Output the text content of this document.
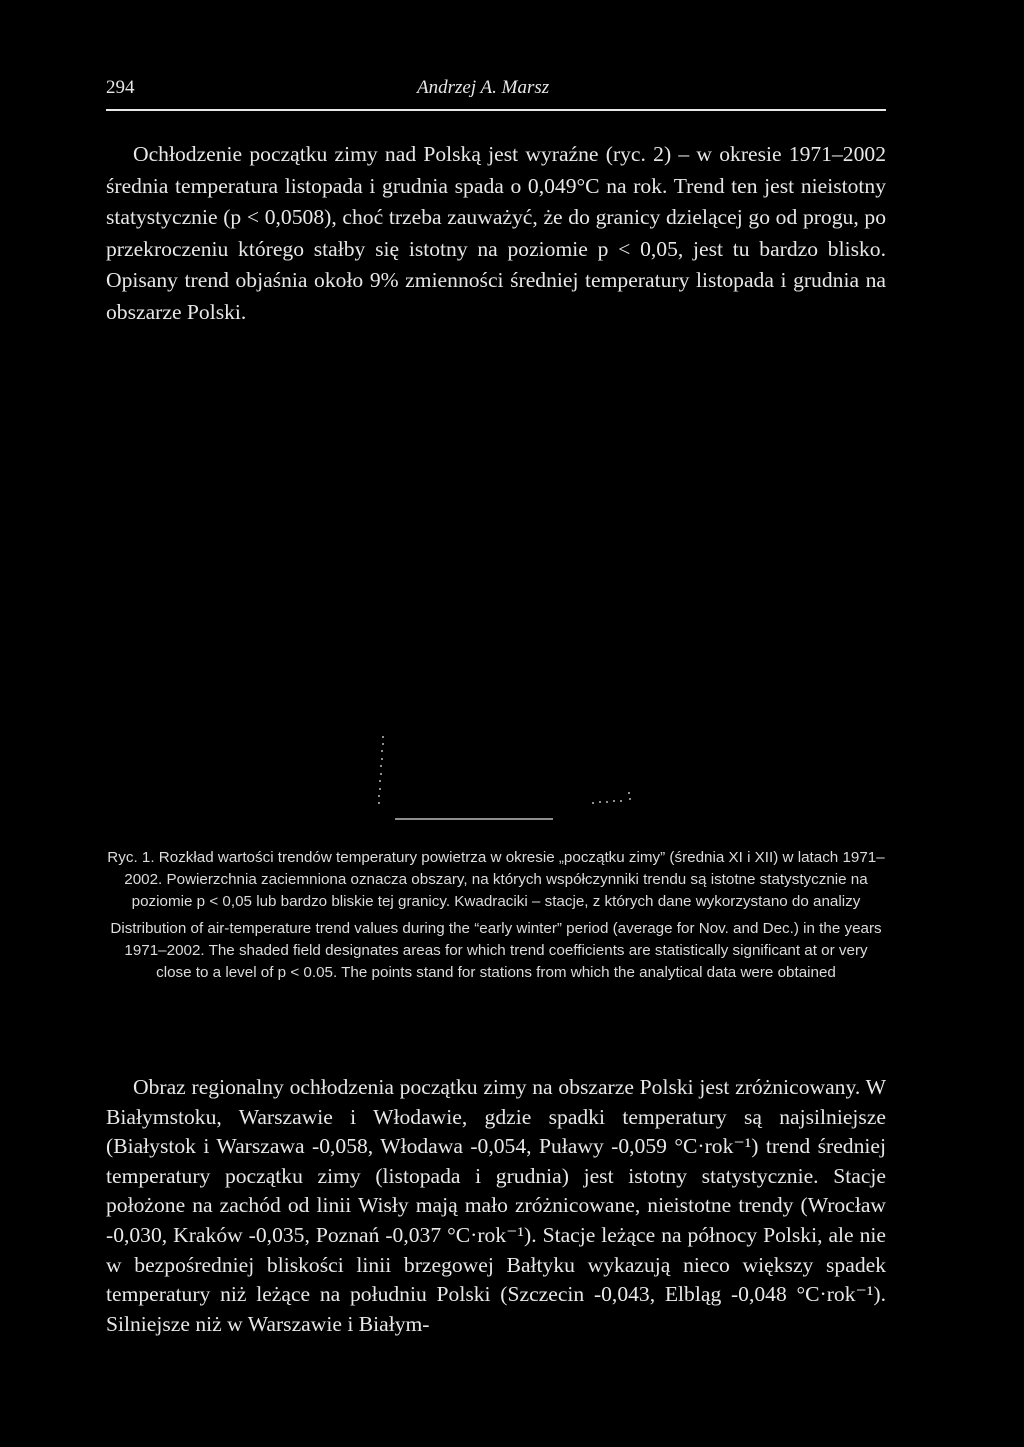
294	Andrzej A. Marsz

Ochłodzenie początku zimy nad Polską jest wyraźne (ryc. 2) – w okresie 1971–2002 średnia temperatura listopada i grudnia spada o 0,049°C na rok. Trend ten jest nieistotny statystycznie (p < 0,0508), choć trzeba zauważyć, że do granicy dzielącej go od progu, po przekroczeniu którego stałby się istotny na poziomie p < 0,05, jest tu bardzo blisko. Opisany trend objaśnia około 9% zmienności średniej temperatury listopada i grudnia na obszarze Polski.

Ryc. 1. Rozkład wartości trendów temperatury powietrza w okresie „początku zimy” (średnia XI i XII) w latach 1971–2002. Powierzchnia zaciemniona oznacza obszary, na których współczynniki trendu są istotne statystycznie na poziomie p < 0,05 lub bardzo bliskie tej granicy. Kwadraciki – stacje, z których dane wykorzystano do analizy

Distribution of air-temperature trend values during the “early winter” period (average for Nov. and Dec.) in the years 1971–2002. The shaded field designates areas for which trend coefficients are statistically significant at or very close to a level of p < 0.05. The points stand for stations from which the analytical data were obtained

Obraz regionalny ochłodzenia początku zimy na obszarze Polski jest zróżnicowany. W Białymstoku, Warszawie i Włodawie, gdzie spadki temperatury są najsilniejsze (Białystok i Warszawa -0,058, Włodawa -0,054, Puławy -0,059 °C·rok⁻¹) trend średniej temperatury początku zimy (listopada i grudnia) jest istotny statystycznie. Stacje położone na zachód od linii Wisły mają mało zróżnicowane, nieistotne trendy (Wrocław -0,030, Kraków -0,035, Poznań -0,037 °C·rok⁻¹). Stacje leżące na północy Polski, ale nie w bezpośredniej bliskości linii brzegowej Bałtyku wykazują nieco większy spadek temperatury niż leżące na południu Polski (Szczecin -0,043, Elbląg -0,048 °C·rok⁻¹). Silniejsze niż w Warszawie i Białym-
